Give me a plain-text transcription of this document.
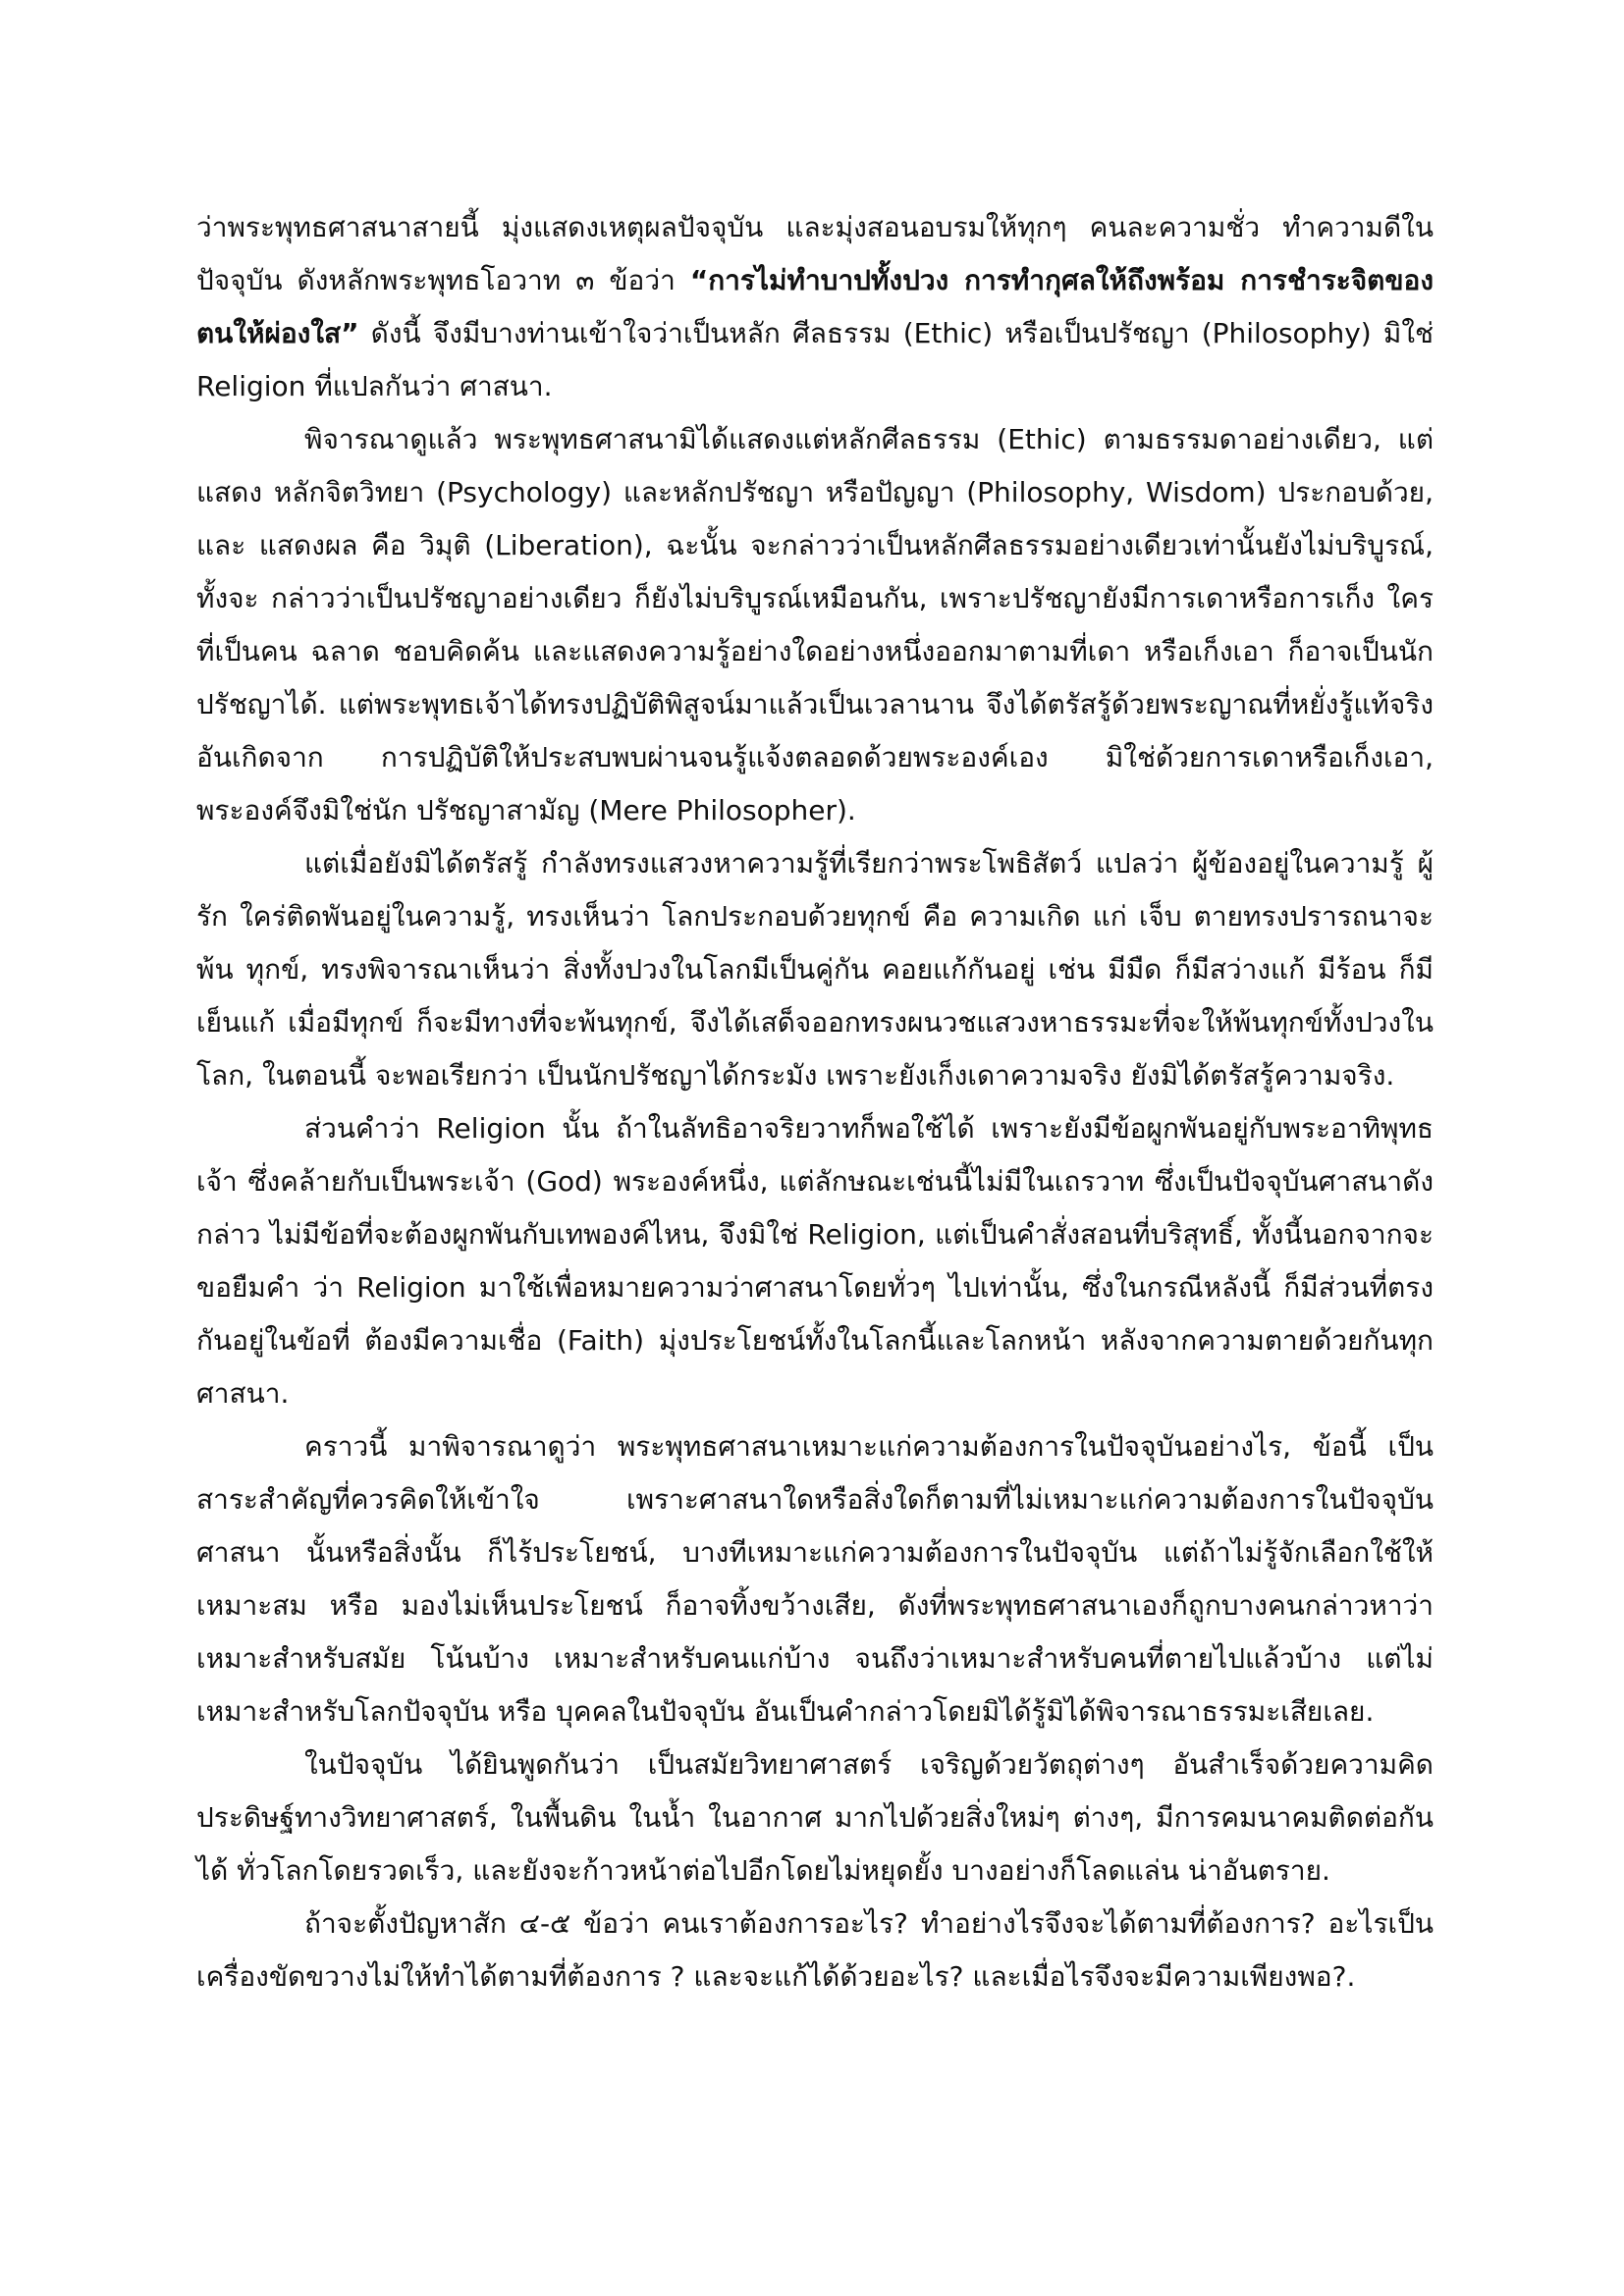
ว่าพระพุทธศาสนาสายนี้ มุ่งแสดงเหตุผลปัจจุบัน และมุ่งสอนอบรมให้ทุกๆ คนละความชั่ว ทำความดีใน ปัจจุบัน ดังหลักพระพุทธโอวาท ๓ ข้อว่า “การไม่ทำบาปทั้งปวง การทำกุศลให้ถึงพร้อม การชำระจิตของ ตนให้ผ่องใส” ดังนี้ จึงมีบางท่านเข้าใจว่าเป็นหลัก ศีลธรรม (Ethic) หรือเป็นปรัชญา (Philosophy) มิใช่ Religion ที่แปลกันว่า ศาสนา.

พิจารณาดูแล้ว พระพุทธศาสนามิได้แสดงแต่หลักศีลธรรม (Ethic) ตามธรรมดาอย่างเดียว, แต่แสดง หลักจิตวิทยา (Psychology) และหลักปรัชญา หรือปัญญา (Philosophy, Wisdom) ประกอบด้วย, และ แสดงผล คือ วิมุติ (Liberation), ฉะนั้น จะกล่าวว่าเป็นหลักศีลธรรมอย่างเดียวเท่านั้นยังไม่บริบูรณ์, ทั้งจะ กล่าวว่าเป็นปรัชญาอย่างเดียว ก็ยังไม่บริบูรณ์เหมือนกัน, เพราะปรัชญายังมีการเดาหรือการเก็ง ใครที่เป็นคน ฉลาด ชอบคิดค้น และแสดงความรู้อย่างใดอย่างหนึ่งออกมาตามที่เดา หรือเก็งเอา ก็อาจเป็นนักปรัชญาได้. แต่พระพุทธเจ้าได้ทรงปฏิบัติพิสูจน์มาแล้วเป็นเวลานาน จึงได้ตรัสรู้ด้วยพระญาณที่หยั่งรู้แท้จริง อันเกิดจาก การปฏิบัติให้ประสบพบผ่านจนรู้แจ้งตลอดด้วยพระองค์เอง มิใช่ด้วยการเดาหรือเก็งเอา, พระองค์จึงมิใช่นัก ปรัชญาสามัญ (Mere Philosopher).

แต่เมื่อยังมิได้ตรัสรู้ กำลังทรงแสวงหาความรู้ที่เรียกว่าพระโพธิสัตว์ แปลว่า ผู้ข้องอยู่ในความรู้ ผู้รัก ใคร่ติดพันอยู่ในความรู้, ทรงเห็นว่า โลกประกอบด้วยทุกข์ คือ ความเกิด แก่ เจ็บ ตายทรงปรารถนาจะพ้น ทุกข์, ทรงพิจารณาเห็นว่า สิ่งทั้งปวงในโลกมีเป็นคู่กัน คอยแก้กันอยู่ เช่น มีมืด ก็มีสว่างแก้ มีร้อน ก็มีเย็นแก้ เมื่อมีทุกข์ ก็จะมีทางที่จะพ้นทุกข์, จึงได้เสด็จออกทรงผนวชแสวงหาธรรมะที่จะให้พ้นทุกข์ทั้งปวงในโลก, ในตอนนี้ จะพอเรียกว่า เป็นนักปรัชญาได้กระมัง เพราะยังเก็งเดาความจริง ยังมิได้ตรัสรู้ความจริง.

ส่วนคำว่า Religion นั้น ถ้าในลัทธิอาจริยวาทก็พอใช้ได้ เพราะยังมีข้อผูกพันอยู่กับพระอาทิพุทธเจ้า ซึ่งคล้ายกับเป็นพระเจ้า (God) พระองค์หนึ่ง, แต่ลักษณะเช่นนี้ไม่มีในเถรวาท ซึ่งเป็นปัจจุบันศาสนาดังกล่าว ไม่มีข้อที่จะต้องผูกพันกับเทพองค์ไหน, จึงมิใช่ Religion, แต่เป็นคำสั่งสอนที่บริสุทธิ์, ทั้งนี้นอกจากจะขอยืมคำ ว่า Religion มาใช้เพื่อหมายความว่าศาสนาโดยทั่วๆ ไปเท่านั้น, ซึ่งในกรณีหลังนี้ ก็มีส่วนที่ตรงกันอยู่ในข้อที่ ต้องมีความเชื่อ (Faith) มุ่งประโยชน์ทั้งในโลกนี้และโลกหน้า หลังจากความตายด้วยกันทุกศาสนา.

คราวนี้ มาพิจารณาดูว่า พระพุทธศาสนาเหมาะแก่ความต้องการในปัจจุบันอย่างไร, ข้อนี้ เป็น สาระสำคัญที่ควรคิดให้เข้าใจ เพราะศาสนาใดหรือสิ่งใดก็ตามที่ไม่เหมาะแก่ความต้องการในปัจจุบัน ศาสนา นั้นหรือสิ่งนั้น ก็ไร้ประโยชน์, บางทีเหมาะแก่ความต้องการในปัจจุบัน แต่ถ้าไม่รู้จักเลือกใช้ให้เหมาะสม หรือ มองไม่เห็นประโยชน์ ก็อาจทิ้งขว้างเสีย, ดังที่พระพุทธศาสนาเองก็ถูกบางคนกล่าวหาว่า เหมาะสำหรับสมัย โน้นบ้าง เหมาะสำหรับคนแก่บ้าง จนถึงว่าเหมาะสำหรับคนที่ตายไปแล้วบ้าง แต่ไม่เหมาะสำหรับโลกปัจจุบัน หรือ บุคคลในปัจจุบัน อันเป็นคำกล่าวโดยมิได้รู้มิได้พิจารณาธรรมะเสียเลย.

ในปัจจุบัน ได้ยินพูดกันว่า เป็นสมัยวิทยาศาสตร์ เจริญด้วยวัตถุต่างๆ อันสำเร็จด้วยความคิด ประดิษฐ์ทางวิทยาศาสตร์, ในพื้นดิน ในน้ำ ในอากาศ มากไปด้วยสิ่งใหม่ๆ ต่างๆ, มีการคมนาคมติดต่อกันได้ ทั่วโลกโดยรวดเร็ว, และยังจะก้าวหน้าต่อไปอีกโดยไม่หยุดยั้ง บางอย่างก็โลดแล่น น่าอันตราย.

ถ้าจะตั้งปัญหาสัก ๔-๕ ข้อว่า คนเราต้องการอะไร? ทำอย่างไรจึงจะได้ตามที่ต้องการ? อะไรเป็น เครื่องขัดขวางไม่ให้ทำได้ตามที่ต้องการ ? และจะแก้ได้ด้วยอะไร? และเมื่อไรจึงจะมีความเพียงพอ?.
